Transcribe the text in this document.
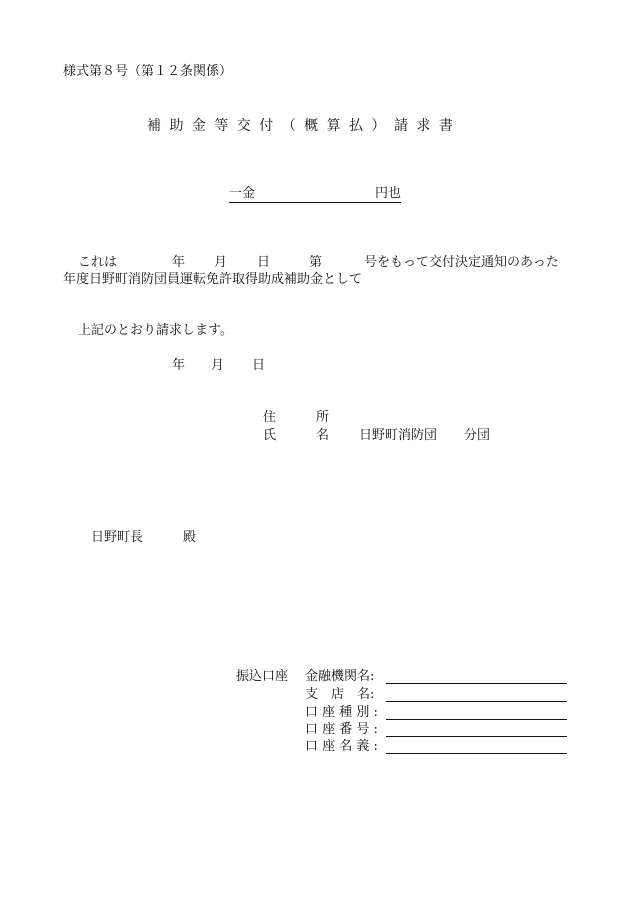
様式第８号（第１２条関係）
補 助 金 等 交 付 （ 概 算 払 ） 請 求 書
一金	円也
これは	年 月 日	第	号をもって交付決定通知のあった
年度日野町消防団員運転免許取得助成補助金として
上記のとおり請求します。
年 月 日
住	所
氏	名 日野町消防団 分団
日野町長	殿
振込口座 金融機関名:
支　店　名:
口 座 種 別 :
口 座 番 号 :
口 座 名 義 :
